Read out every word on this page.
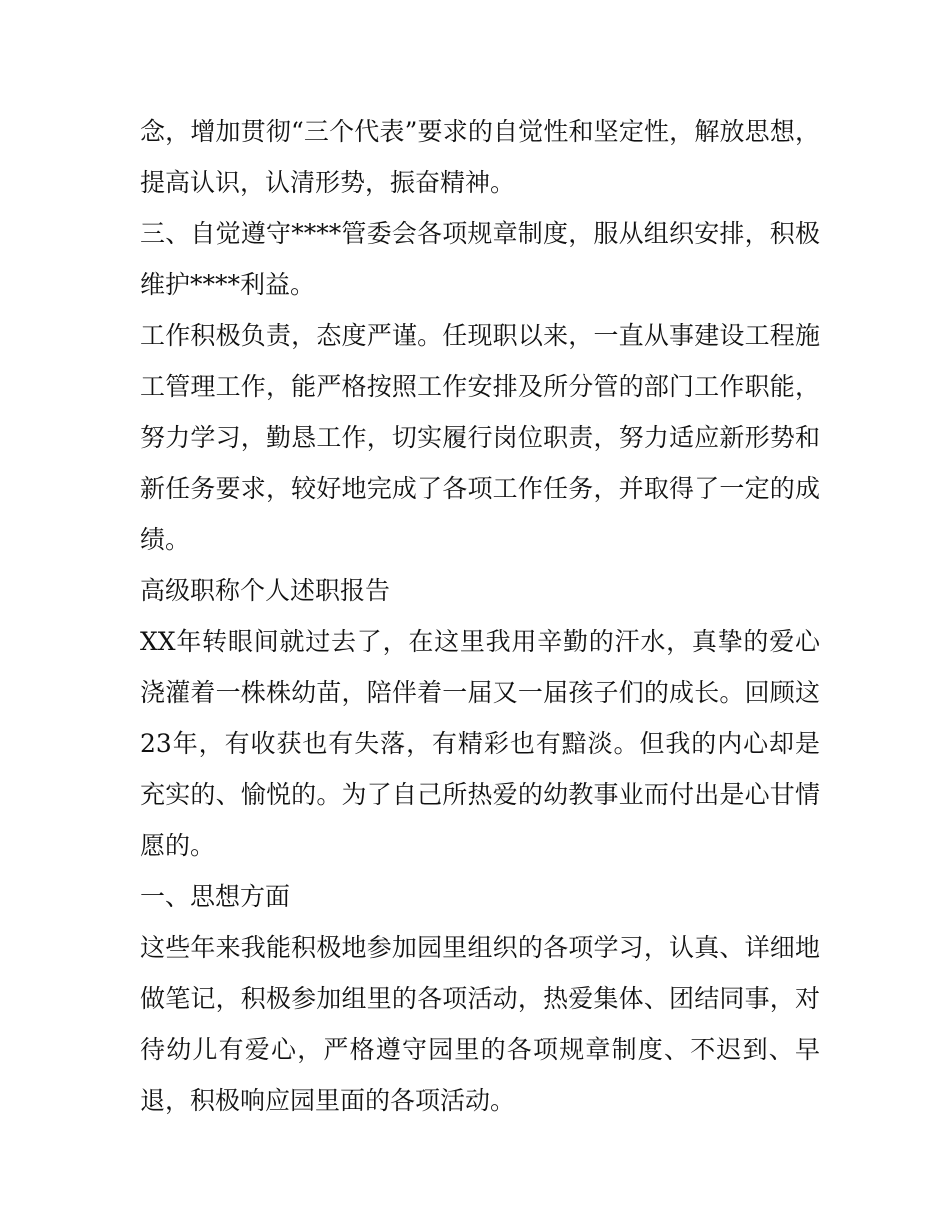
念，增加贯彻“三个代表”要求的自觉性和坚定性，解放思想，提高认识，认清形势，振奋精神。

三、自觉遵守****管委会各项规章制度，服从组织安排，积极维护****利益。

工作积极负责，态度严谨。任现职以来，一直从事建设工程施工管理工作，能严格按照工作安排及所分管的部门工作职能，努力学习，勤恳工作，切实履行岗位职责，努力适应新形势和新任务要求，较好地完成了各项工作任务，并取得了一定的成绩。

高级职称个人述职报告

XX年转眼间就过去了，在这里我用辛勤的汗水，真挚的爱心浇灌着一株株幼苗，陪伴着一届又一届孩子们的成长。回顾这23年，有收获也有失落，有精彩也有黯淡。但我的内心却是充实的、愉悦的。为了自己所热爱的幼教事业而付出是心甘情愿的。

一、思想方面

这些年来我能积极地参加园里组织的各项学习，认真、详细地做笔记，积极参加组里的各项活动，热爱集体、团结同事，对待幼儿有爱心，严格遵守园里的各项规章制度、不迟到、早退，积极响应园里面的各项活动。
